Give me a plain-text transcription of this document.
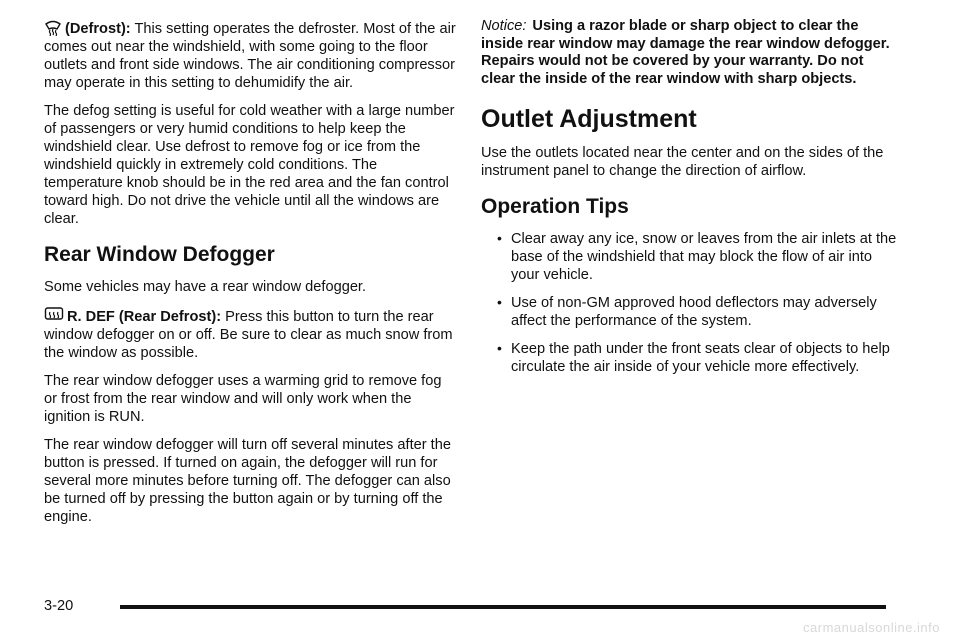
(Defrost): This setting operates the defroster. Most of the air comes out near the windshield, with some going to the floor outlets and front side windows. The air conditioning compressor may operate in this setting to dehumidify the air.

The defog setting is useful for cold weather with a large number of passengers or very humid conditions to help keep the windshield clear. Use defrost to remove fog or ice from the windshield quickly in extremely cold conditions. The temperature knob should be in the red area and the fan control toward high. Do not drive the vehicle until all the windows are clear.

Rear Window Defogger

Some vehicles may have a rear window defogger.

R. DEF (Rear Defrost): Press this button to turn the rear window defogger on or off. Be sure to clear as much snow from the window as possible.

The rear window defogger uses a warming grid to remove fog or frost from the rear window and will only work when the ignition is RUN.

The rear window defogger will turn off several minutes after the button is pressed. If turned on again, the defogger will run for several more minutes before turning off. The defogger can also be turned off by pressing the button again or by turning off the engine.

Notice: Using a razor blade or sharp object to clear the inside rear window may damage the rear window defogger. Repairs would not be covered by your warranty. Do not clear the inside of the rear window with sharp objects.

Outlet Adjustment

Use the outlets located near the center and on the sides of the instrument panel to change the direction of airflow.

Operation Tips
• Clear away any ice, snow or leaves from the air inlets at the base of the windshield that may block the flow of air into your vehicle.
• Use of non-GM approved hood deflectors may adversely affect the performance of the system.
• Keep the path under the front seats clear of objects to help circulate the air inside of your vehicle more effectively.
3-20
carmanualsonline.info
